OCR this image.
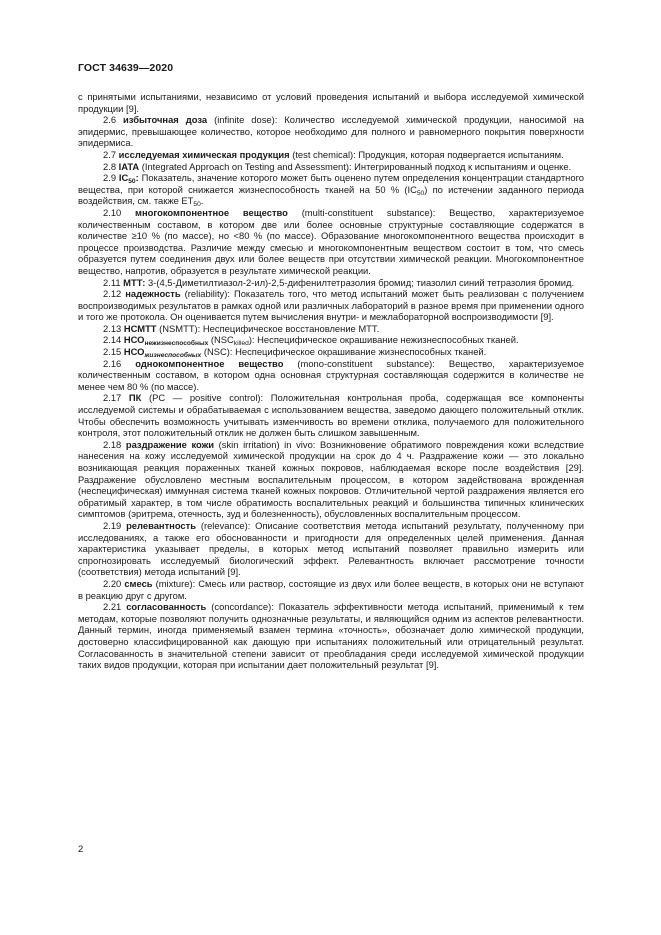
ГОСТ 34639—2020

с принятыми испытаниями, независимо от условий проведения испытаний и выбора исследуемой химической продукции [9].

2.6 избыточная доза (infinite dose): Количество исследуемой химической продукции, наносимой на эпидермис, превышающее количество, которое необходимо для полного и равномерного покрытия поверхности эпидермиса.

2.7 исследуемая химическая продукция (test chemical): Продукция, которая подвергается испытаниям.

2.8 IATA (Integrated Approach on Testing and Assessment): Интегрированный подход к испытаниям и оценке.

2.9 $IC_{50}$: Показатель, значение которого может быть оценено путем определения концентрации стандартного вещества, при которой снижается жизнеспособность тканей на 50 % $(IC_{50})$ по истечении заданного периода воздействия, см. также $ET_{50}$.

2.10 многокомпонентное вещество (multi-constituent substance): Вещество, характеризуемое количественным составом, в котором две или более основные структурные составляющие содержатся в количестве ≥10 % (по массе), но <80 % (по массе). Образование многокомпонентного вещества происходит в процессе производства. Различие между смесью и многокомпонентным веществом состоит в том, что смесь образуется путем соединения двух или более веществ при отсутствии химической реакции. Многокомпонентное вещество, напротив, образуется в результате химической реакции.

2.11 МТТ: 3-(4,5-Диметилтиазол-2-ил)-2,5-дифенилтетразолия бромид; тиазолил синий тетразолия бромид.

2.12 надежность (reliability): Показатель того, что метод испытаний может быть реализован с получением воспроизводимых результатов в рамках одной или различных лабораторий в разное время при применении одного и того же протокола. Он оценивается путем вычисления внутри- и межлабораторной воспроизводимости [9].

2.13 НСМТТ (NSMTT): Неспецифическое восстановление МТТ.

2.14 $НСО_{нежизнеспособных}$ $(NSC_{killed})$: Неспецифическое окрашивание нежизнеспособных тканей.

2.15 $НСО_{жизнеспособных}$ (NSC): Неспецифическое окрашивание жизнеспособных тканей.

2.16 однокомпонентное вещество (mono-constituent substance): Вещество, характеризуемое количественным составом, в котором одна основная структурная составляющая содержится в количестве не менее чем 80 % (по массе).

2.17 ПК (PC — positive control): Положительная контрольная проба, содержащая все компоненты исследуемой системы и обрабатываемая с использованием вещества, заведомо дающего положительный отклик. Чтобы обеспечить возможность учитывать изменчивость во времени отклика, получаемого для положительного контроля, этот положительный отклик не должен быть слишком завышенным.

2.18 раздражение кожи (skin irritation) in vivo: Возникновение обратимого повреждения кожи вследствие нанесения на кожу исследуемой химической продукции на срок до 4 ч. Раздражение кожи — это локально возникающая реакция пораженных тканей кожных покровов, наблюдаемая вскоре после воздействия [29]. Раздражение обусловлено местным воспалительным процессом, в котором задействована врожденная (неспецифическая) иммунная система тканей кожных покровов. Отличительной чертой раздражения является его обратимый характер, в том числе обратимость воспалительных реакций и большинства типичных клинических симптомов (эритрема, отечность, зуд и болезненность), обусловленных воспалительным процессом.

2.19 релевантность (relevance): Описание соответствия метода испытаний результату, полученному при исследованиях, а также его обоснованности и пригодности для определенных целей применения. Данная характеристика указывает пределы, в которых метод испытаний позволяет правильно измерить или спрогнозировать исследуемый биологический эффект. Релевантность включает рассмотрение точности (соответствия) метода испытаний [9].

2.20 смесь (mixture): Смесь или раствор, состоящие из двух или более веществ, в которых они не вступают в реакцию друг с другом.

2.21 согласованность (concordance): Показатель эффективности метода испытаний, применимый к тем методам, которые позволяют получить однозначные результаты, и являющийся одним из аспектов релевантности. Данный термин, иногда применяемый взамен термина «точность», обозначает долю химической продукции, достоверно классифицированной как дающую при испытаниях положительный или отрицательный результат. Согласованность в значительной степени зависит от преобладания среди исследуемой химической продукции таких видов продукции, которая при испытании дает положительный результат [9].

2
